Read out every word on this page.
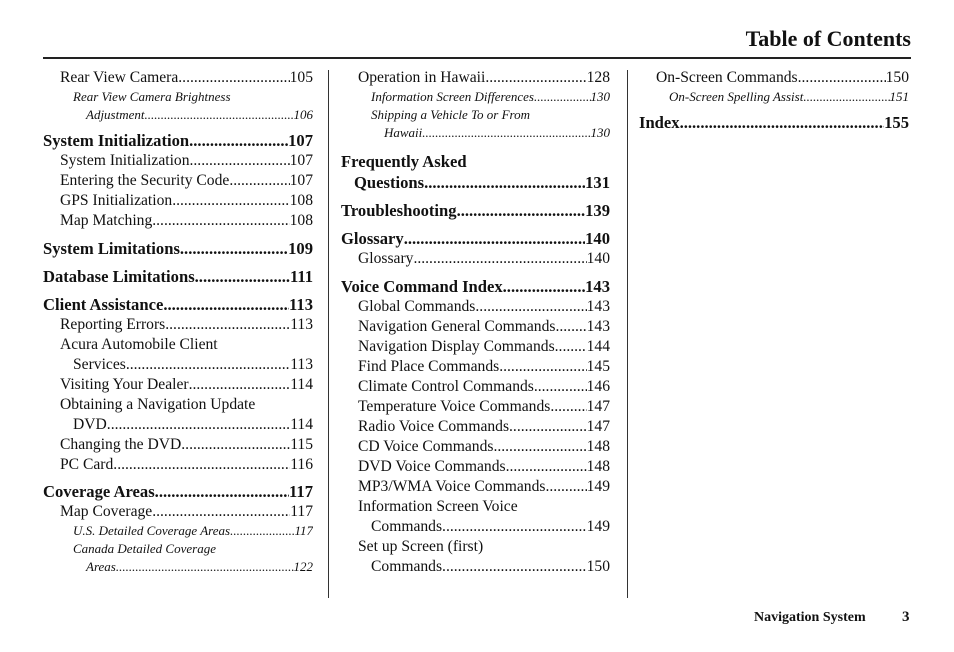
Table of Contents
Rear View Camera .....	105
Rear View Camera Brightness
Adjustment .....	106
System Initialization .....	107
System Initialization .....	107
Entering the Security Code .....	107
GPS Initialization .....	108
Map Matching .....	108
System Limitations .....	109
Database Limitations .....	111
Client Assistance .....	113
Reporting Errors .....	113
Acura Automobile Client
Services .....	113
Visiting Your Dealer .....	114
Obtaining a Navigation Update
DVD .....	114
Changing the DVD .....	115
PC Card .....	116
Coverage Areas .....	117
Map Coverage .....	117
U.S. Detailed Coverage Areas .....	117
Canada Detailed Coverage
Areas .....	122
Operation in Hawaii .....	128
Information Screen Differences .....	130
Shipping a Vehicle To or From
Hawaii .....	130
Frequently Asked
Questions .....	131
Troubleshooting .....	139
Glossary .....	140
Glossary .....	140
Voice Command Index .....	143
Global Commands .....	143
Navigation General Commands ..... 143
Navigation Display Commands ..... 144
Find Place Commands .....	145
Climate Control Commands .....	146
Temperature Voice Commands ..... 147
Radio Voice Commands .....	147
CD Voice Commands .....	148
DVD Voice Commands .....	148
MP3/WMA Voice Commands .....	149
Information Screen Voice
Commands .....	149
Set up Screen (first)
Commands .....	150
On-Screen Commands .....	150
On-Screen Spelling Assist .....	151
Index .....	155
Navigation System 3
